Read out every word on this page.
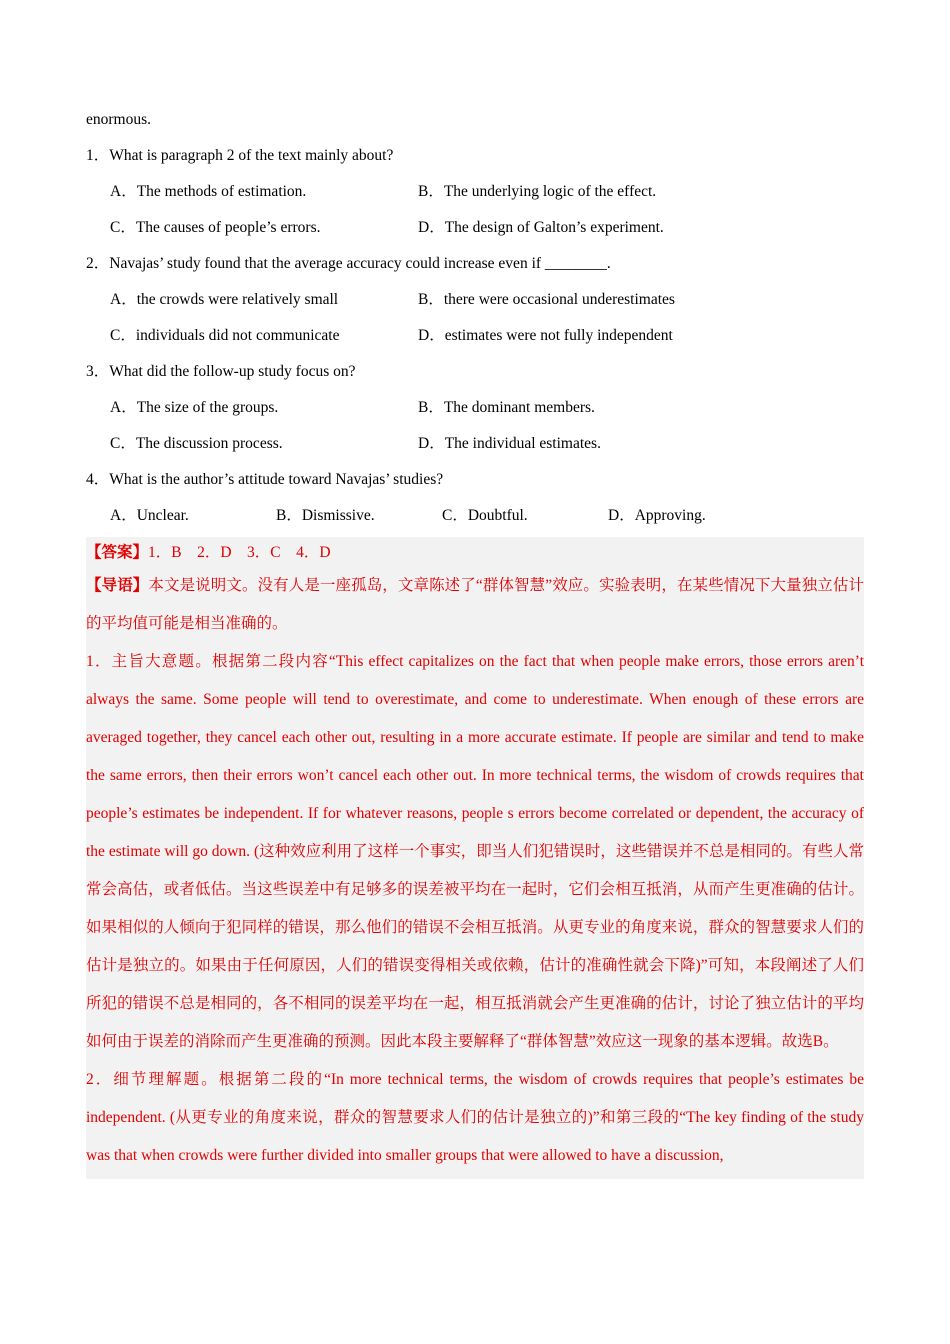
enormous.
1．What is paragraph 2 of the text mainly about?
A．The methods of estimation.	B．The underlying logic of the effect.
C．The causes of people’s errors.	D．The design of Galton’s experiment.
2．Navajas’ study found that the average accuracy could increase even if ________.
A．the crowds were relatively small	B．there were occasional underestimates
C．individuals did not communicate	D．estimates were not fully independent
3．What did the follow-up study focus on?
A．The size of the groups.	B．The dominant members.
C．The discussion process.	D．The individual estimates.
4．What is the author’s attitude toward Navajas’ studies?
A．Unclear.	B．Dismissive.	C．Doubtful.	D．Approving.
【答案】1．B　2．D　3．C　4．D
【导语】本文是说明文。没有人是一座孤岛，文章陈述了“群体智慧”效应。实验表明，在某些情况下大量独立估计的平均值可能是相当准确的。
1．主旨大意题。根据第二段内容“This effect capitalizes on the fact that when people make errors, those errors aren’t always the same. Some people will tend to overestimate, and come to underestimate. When enough of these errors are averaged together, they cancel each other out, resulting in a more accurate estimate. If people are similar and tend to make the same errors, then their errors won’t cancel each other out. In more technical terms, the wisdom of crowds requires that people’s estimates be independent. If for whatever reasons, people s errors become correlated or dependent, the accuracy of the estimate will go down. (这种效应利用了这样一个事实，即当人们犯错误时，这些错误并不总是相同的。有些人常常会高估，或者低估。当这些误差中有足够多的误差被平均在一起时，它们会相互抵消，从而产生更准确的估计。如果相似的人倾向于犯同样的错误，那么他们的错误不会相互抵消。从更专业的角度来说，群众的智慧要求人们的估计是独立的。如果由于任何原因，人们的错误变得相关或依赖，估计的准确性就会下降)”可知，本段阐述了人们所犯的错误不总是相同的，各不相同的误差平均在一起，相互抵消就会产生更准确的估计，讨论了独立估计的平均如何由于误差的消除而产生更准确的预测。因此本段主要解释了“群体智慧”效应这一现象的基本逻辑。故选B。
2．细节理解题。根据第二段的“In more technical terms, the wisdom of crowds requires that people’s estimates be independent. (从更专业的角度来说，群众的智慧要求人们的估计是独立的)”和第三段的“The key finding of the study was that when crowds were further divided into smaller groups that were allowed to have a discussion,
